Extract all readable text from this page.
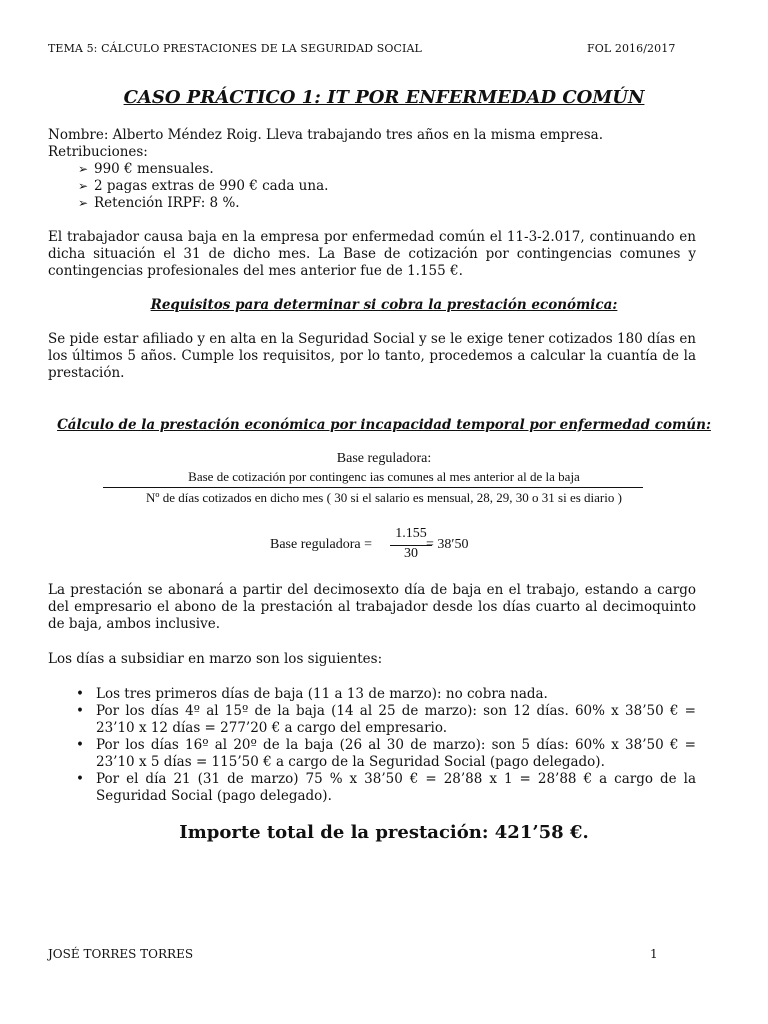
TEMA 5: CÁLCULO PRESTACIONES DE LA SEGURIDAD SOCIAL	FOL 2016/2017
CASO PRÁCTICO 1: IT POR ENFERMEDAD COMÚN
Nombre: Alberto Méndez Roig. Lleva trabajando tres años en la misma empresa.
Retribuciones:
➢ 990 € mensuales.
➢ 2 pagas extras de 990 € cada una.
➢ Retención IRPF: 8 %.
El trabajador causa baja en la empresa por enfermedad común el 11-3-2.017, continuando en dicha situación el 31 de dicho mes. La Base de cotización por contingencias comunes y contingencias profesionales del mes anterior fue de 1.155 €.
Requisitos para determinar si cobra la prestación económica:
Se pide estar afiliado y en alta en la Seguridad Social y se le exige tener cotizados 180 días en los últimos 5 años. Cumple los requisitos, por lo tanto, procedemos a calcular la cuantía de la prestación.
Cálculo de la prestación económica por incapacidad temporal por enfermedad común:
Base reguladora:
Base de cotización por contingenc ias comunes al mes anterior al de la baja
Nº de días cotizados en dicho mes ( 30 si el salario es mensual, 28, 29, 30 o 31 si es diario )
Base reguladora =
1.155
30
= 38′50
La prestación se abonará a partir del decimosexto día de baja en el trabajo, estando a cargo del empresario el abono de la prestación al trabajador desde los días cuarto al decimoquinto de baja, ambos inclusive.
Los días a subsidiar en marzo son los siguientes:
• Los tres primeros días de baja (11 a 13 de marzo): no cobra nada.
• Por los días 4º al 15º de la baja (14 al 25 de marzo): son 12 días. 60% x 38’50 € = 23’10 x 12 días = 277’20 € a cargo del empresario.
• Por los días 16º al 20º de la baja (26 al 30 de marzo): son 5 días: 60% x 38’50 € = 23’10 x 5 días = 115’50 € a cargo de la Seguridad Social (pago delegado).
• Por el día 21 (31 de marzo) 75 % x 38’50 € = 28’88 x 1 = 28’88 € a cargo de la Seguridad Social (pago delegado).
Importe total de la prestación: 421’58 €.
JOSÉ TORRES TORRES	1
